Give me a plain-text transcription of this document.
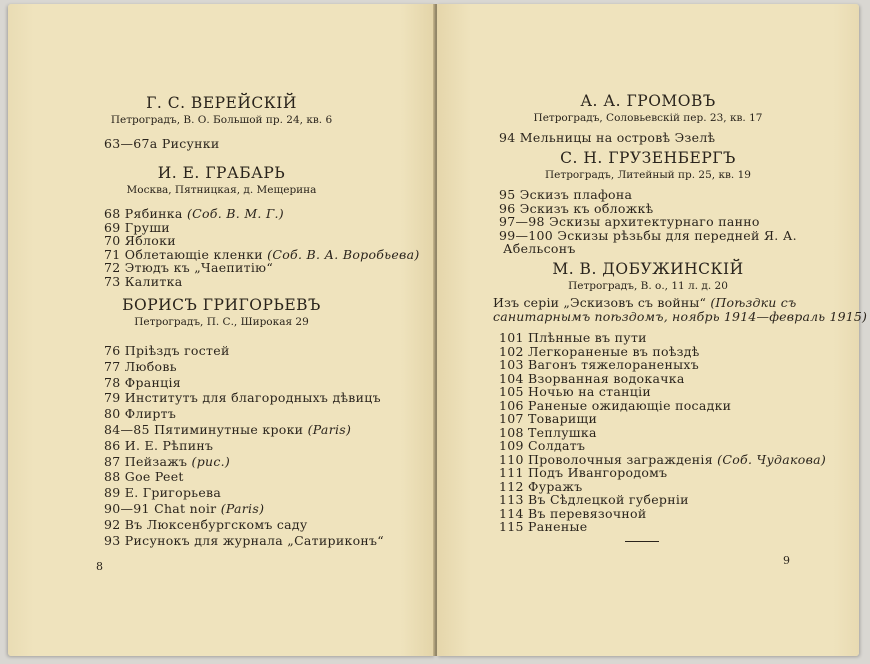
Г. С. ВЕРЕЙСКІЙ
Петроградъ, В. О. Большой пр. 24, кв. 6
63—67а Рисунки
И. Е. ГРАБАРЬ
Москва, Пятницкая, д. Мещерина
68 Рябинка (Соб. В. М. Г.)
69 Груши
70 Яблоки
71 Облетающіе кленки (Соб. В. А. Воробьева)
72 Этюдъ къ „Чаепитію“
73 Калитка
БОРИСЪ ГРИГОРЬЕВЪ
Петроградъ, П. С., Широкая 29
76 Пріѣздъ гостей
77 Любовь
78 Франція
79 Институтъ для благородныхъ дѣвицъ
80 Флиртъ
84—85 Пятиминутные кроки (Paris)
86 И. Е. Рѣпинъ
87 Пейзажъ (рис.)
88 Goe Peet
89 Е. Григорьева
90—91 Chat noir (Paris)
92 Въ Люксенбургскомъ саду
93 Рисунокъ для журнала „Сатириконъ“
8
А. А. ГРОМОВЪ
Петроградъ, Соловьевскій пер. 23, кв. 17
94 Мельницы на островѣ Эзелѣ
С. Н. ГРУЗЕНБЕРГЪ
Петроградъ, Литейный пр. 25, кв. 19
95 Эскизъ плафона
96 Эскизъ къ обложкѣ
97—98 Эскизы архитектурнаго панно
99—100 Эскизы рѣзьбы для передней Я. А.
Абельсонъ
М. В. ДОБУЖИНСКІЙ
Петроградъ, В. о., 11 л. д. 20
Изъ серіи „Эскизовъ съ войны“ (Поѣздки съ
санитарнымъ поѣздомъ, ноябрь 1914—февраль 1915)
101 Плѣнные въ пути
102 Легкораненые въ поѣздѣ
103 Вагонъ тяжелораненыхъ
104 Взорванная водокачка
105 Ночью на станціи
106 Раненые ожидающіе посадки
107 Товарищи
108 Теплушка
109 Солдатъ
110 Проволочныя загражденія (Соб. Чудакова)
111 Подъ Ивангородомъ
112 Фуражъ
113 Въ Сѣдлецкой губерніи
114 Въ перевязочной
115 Раненые
9
